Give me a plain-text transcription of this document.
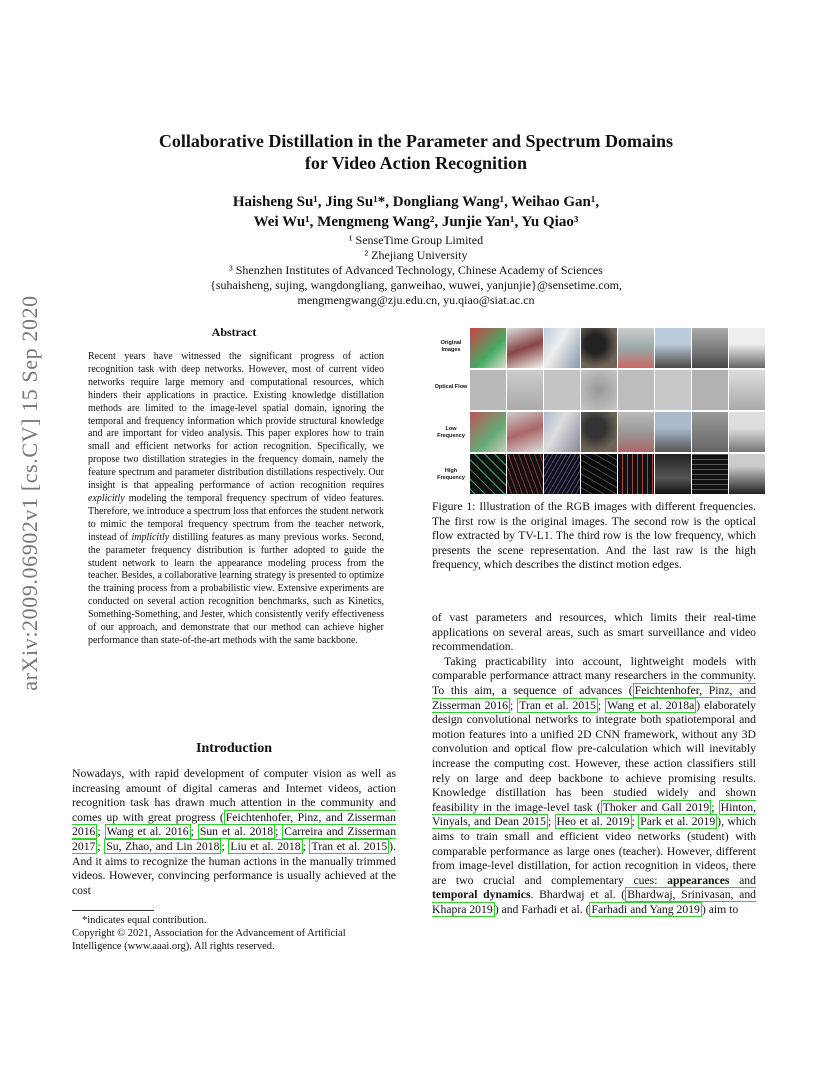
arXiv:2009.06902v1 [cs.CV] 15 Sep 2020
Collaborative Distillation in the Parameter and Spectrum Domains
for Video Action Recognition
Haisheng Su¹, Jing Su¹*, Dongliang Wang¹, Weihao Gan¹,
Wei Wu¹, Mengmeng Wang², Junjie Yan¹, Yu Qiao³
¹ SenseTime Group Limited
² Zhejiang University
³ Shenzhen Institutes of Advanced Technology, Chinese Academy of Sciences
{suhaisheng, sujing, wangdongliang, ganweihao, wuwei, yanjunjie}@sensetime.com,
mengmengwang@zju.edu.cn, yu.qiao@siat.ac.cn
Abstract
Recent years have witnessed the significant progress of action recognition task with deep networks. However, most of current video networks require large memory and computational resources, which hinders their applications in practice. Existing knowledge distillation methods are limited to the image-level spatial domain, ignoring the temporal and frequency information which provide structural knowledge and are important for video analysis. This paper explores how to train small and efficient networks for action recognition. Specifically, we propose two distillation strategies in the frequency domain, namely the feature spectrum and parameter distribution distillations respectively. Our insight is that appealing performance of action recognition requires explicitly modeling the temporal frequency spectrum of video features. Therefore, we introduce a spectrum loss that enforces the student network to mimic the temporal frequency spectrum from the teacher network, instead of implicitly distilling features as many previous works. Second, the parameter frequency distribution is further adopted to guide the student network to learn the appearance modeling process from the teacher. Besides, a collaborative learning strategy is presented to optimize the training process from a probabilistic view. Extensive experiments are conducted on several action recognition benchmarks, such as Kinetics, Something-Something, and Jester, which consistently verify effectiveness of our approach, and demonstrate that our method can achieve higher performance than state-of-the-art methods with the same backbone.
Introduction
Nowadays, with rapid development of computer vision as well as increasing amount of digital cameras and Internet videos, action recognition task has drawn much attention in the community and comes up with great progress ( Feichtenhofer, Pinz, and Zisserman 2016 ; Wang et al. 2016 ; Sun et al. 2018 ; Carreira and Zisserman 2017 ; Su, Zhao, and Lin 2018 ; Liu et al. 2018 ; Tran et al. 2015 ). And it aims to recognize the human actions in the manually trimmed videos. However, convincing performance is usually achieved at the cost
*indicates equal contribution.
Copyright © 2021, Association for the Advancement of Artificial Intelligence (www.aaai.org). All rights reserved.
Original Images
Optical Flow
Low Frequency
High Frequency
Figure 1: Illustration of the RGB images with different frequencies. The first row is the original images. The second row is the optical flow extracted by TV-L1. The third row is the low frequency, which presents the scene representation. And the last raw is the high frequency, which describes the distinct motion edges.

of vast parameters and resources, which limits their real-time applications on several areas, such as smart surveillance and video recommendation.

Taking practicability into account, lightweight models with comparable performance attract many researchers in the community. To this aim, a sequence of advances ( Feichtenhofer, Pinz, and Zisserman 2016 ; Tran et al. 2015 ; Wang et al. 2018a ) elaborately design convolutional networks to integrate both spatiotemporal and motion features into a unified 2D CNN framework, without any 3D convolution and optical flow pre-calculation which will inevitably increase the computing cost. However, these action classifiers still rely on large and deep backbone to achieve promising results. Knowledge distillation has been studied widely and shown feasibility in the image-level task ( Thoker and Gall 2019 ; Hinton, Vinyals, and Dean 2015 ; Heo et al. 2019 ; Park et al. 2019 ), which aims to train small and efficient video networks (student) with comparable performance as large ones (teacher). However, different from image-level distillation, for action recognition in videos, there are two crucial and complementary cues: appearances and temporal dynamics. Bhardwaj et al. ( Bhardwaj, Srinivasan, and Khapra 2019 ) and Farhadi et al. ( Farhadi and Yang 2019 ) aim to
